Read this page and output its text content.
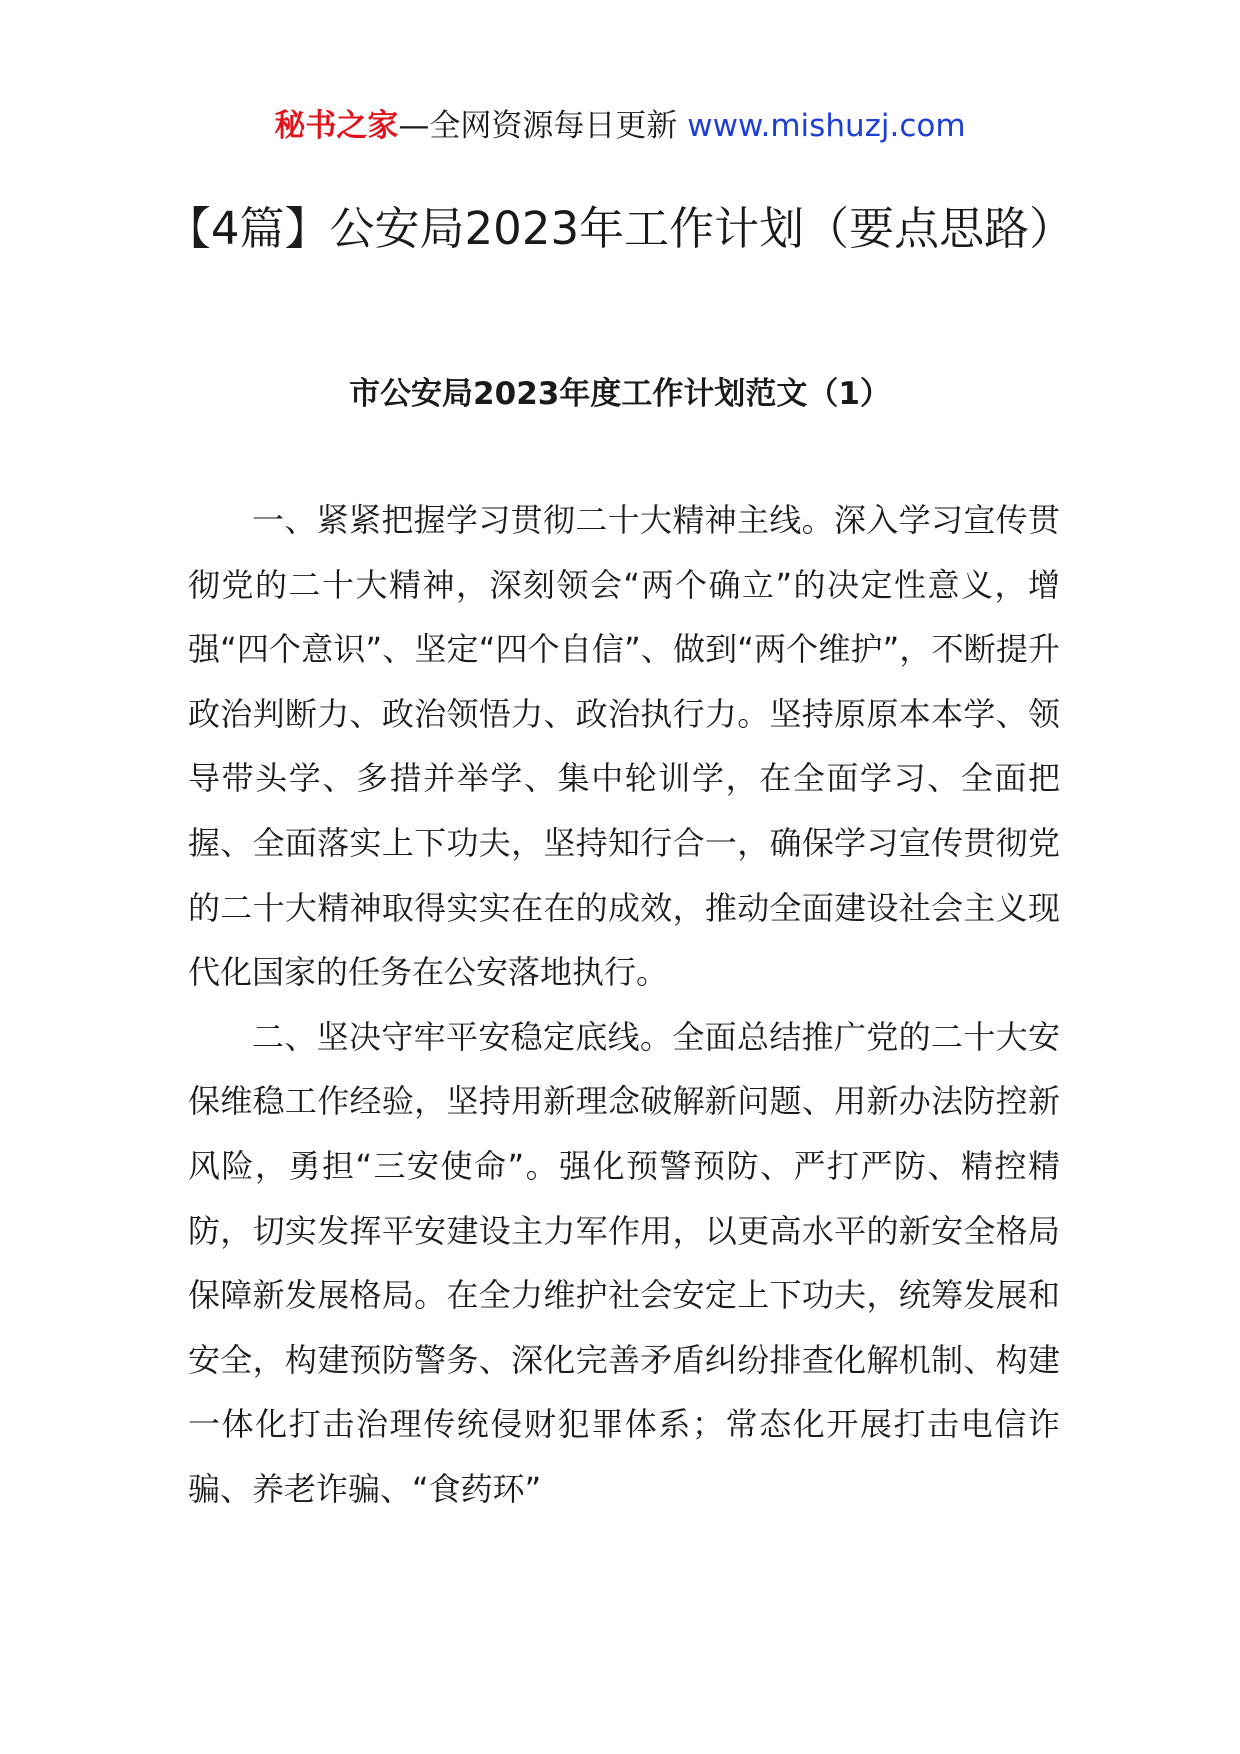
秘书之家—全网资源每日更新 www.mishuzj.com
【4篇】公安局2023年工作计划（要点思路）
市公安局2023年度工作计划范文（1）

一、紧紧把握学习贯彻二十大精神主线。深入学习宣传贯彻党的二十大精神，深刻领会“两个确立”的决定性意义，增强“四个意识”、坚定“四个自信”、做到“两个维护”，不断提升政治判断力、政治领悟力、政治执行力。坚持原原本本学、领导带头学、多措并举学、集中轮训学，在全面学习、全面把握、全面落实上下功夫，坚持知行合一，确保学习宣传贯彻党的二十大精神取得实实在在的成效，推动全面建设社会主义现代化国家的任务在公安落地执行。

二、坚决守牢平安稳定底线。全面总结推广党的二十大安保维稳工作经验，坚持用新理念破解新问题、用新办法防控新风险，勇担“三安使命”。强化预警预防、严打严防、精控精防，切实发挥平安建设主力军作用，以更高水平的新安全格局保障新发展格局。在全力维护社会安定上下功夫，统筹发展和安全，构建预防警务、深化完善矛盾纠纷排查化解机制、构建一体化打击治理传统侵财犯罪体系；常态化开展打击电信诈骗、养老诈骗、“食药环”
